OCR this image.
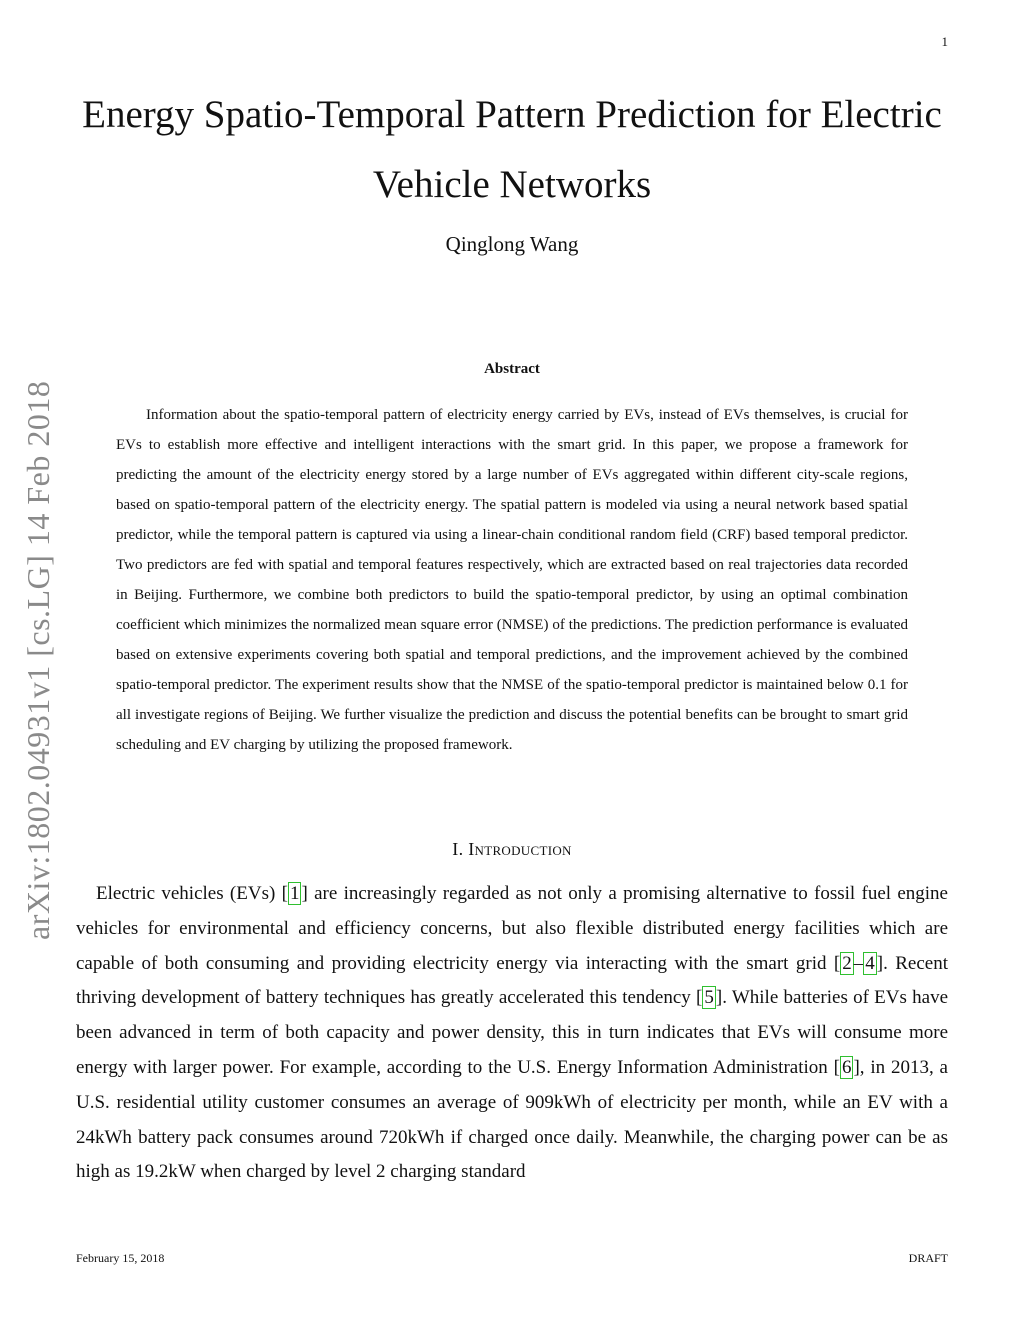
1
arXiv:1802.04931v1 [cs.LG] 14 Feb 2018
Energy Spatio-Temporal Pattern Prediction for Electric Vehicle Networks
Qinglong Wang
Abstract

Information about the spatio-temporal pattern of electricity energy carried by EVs, instead of EVs themselves, is crucial for EVs to establish more effective and intelligent interactions with the smart grid. In this paper, we propose a framework for predicting the amount of the electricity energy stored by a large number of EVs aggregated within different city-scale regions, based on spatio-temporal pattern of the electricity energy. The spatial pattern is modeled via using a neural network based spatial predictor, while the temporal pattern is captured via using a linear-chain conditional random field (CRF) based temporal predictor. Two predictors are fed with spatial and temporal features respectively, which are extracted based on real trajectories data recorded in Beijing. Furthermore, we combine both predictors to build the spatio-temporal predictor, by using an optimal combination coefficient which minimizes the normalized mean square error (NMSE) of the predictions. The prediction performance is evaluated based on extensive experiments covering both spatial and temporal predictions, and the improvement achieved by the combined spatio-temporal predictor. The experiment results show that the NMSE of the spatio-temporal predictor is maintained below 0.1 for all investigate regions of Beijing. We further visualize the prediction and discuss the potential benefits can be brought to smart grid scheduling and EV charging by utilizing the proposed framework.

I. Introduction

Electric vehicles (EVs) [ 1 ] are increasingly regarded as not only a promising alternative to fossil fuel engine vehicles for environmental and efficiency concerns, but also flexible distributed energy facilities which are capable of both consuming and providing electricity energy via interacting with the smart grid [ 2 – 4 ]. Recent thriving development of battery techniques has greatly accelerated this tendency [ 5 ]. While batteries of EVs have been advanced in term of both capacity and power density, this in turn indicates that EVs will consume more energy with larger power. For example, according to the U.S. Energy Information Administration [ 6 ], in 2013, a U.S. residential utility customer consumes an average of 909kWh of electricity per month, while an EV with a 24kWh battery pack consumes around 720kWh if charged once daily. Meanwhile, the charging power can be as high as 19.2kW when charged by level 2 charging standard

February 15, 2018	DRAFT
